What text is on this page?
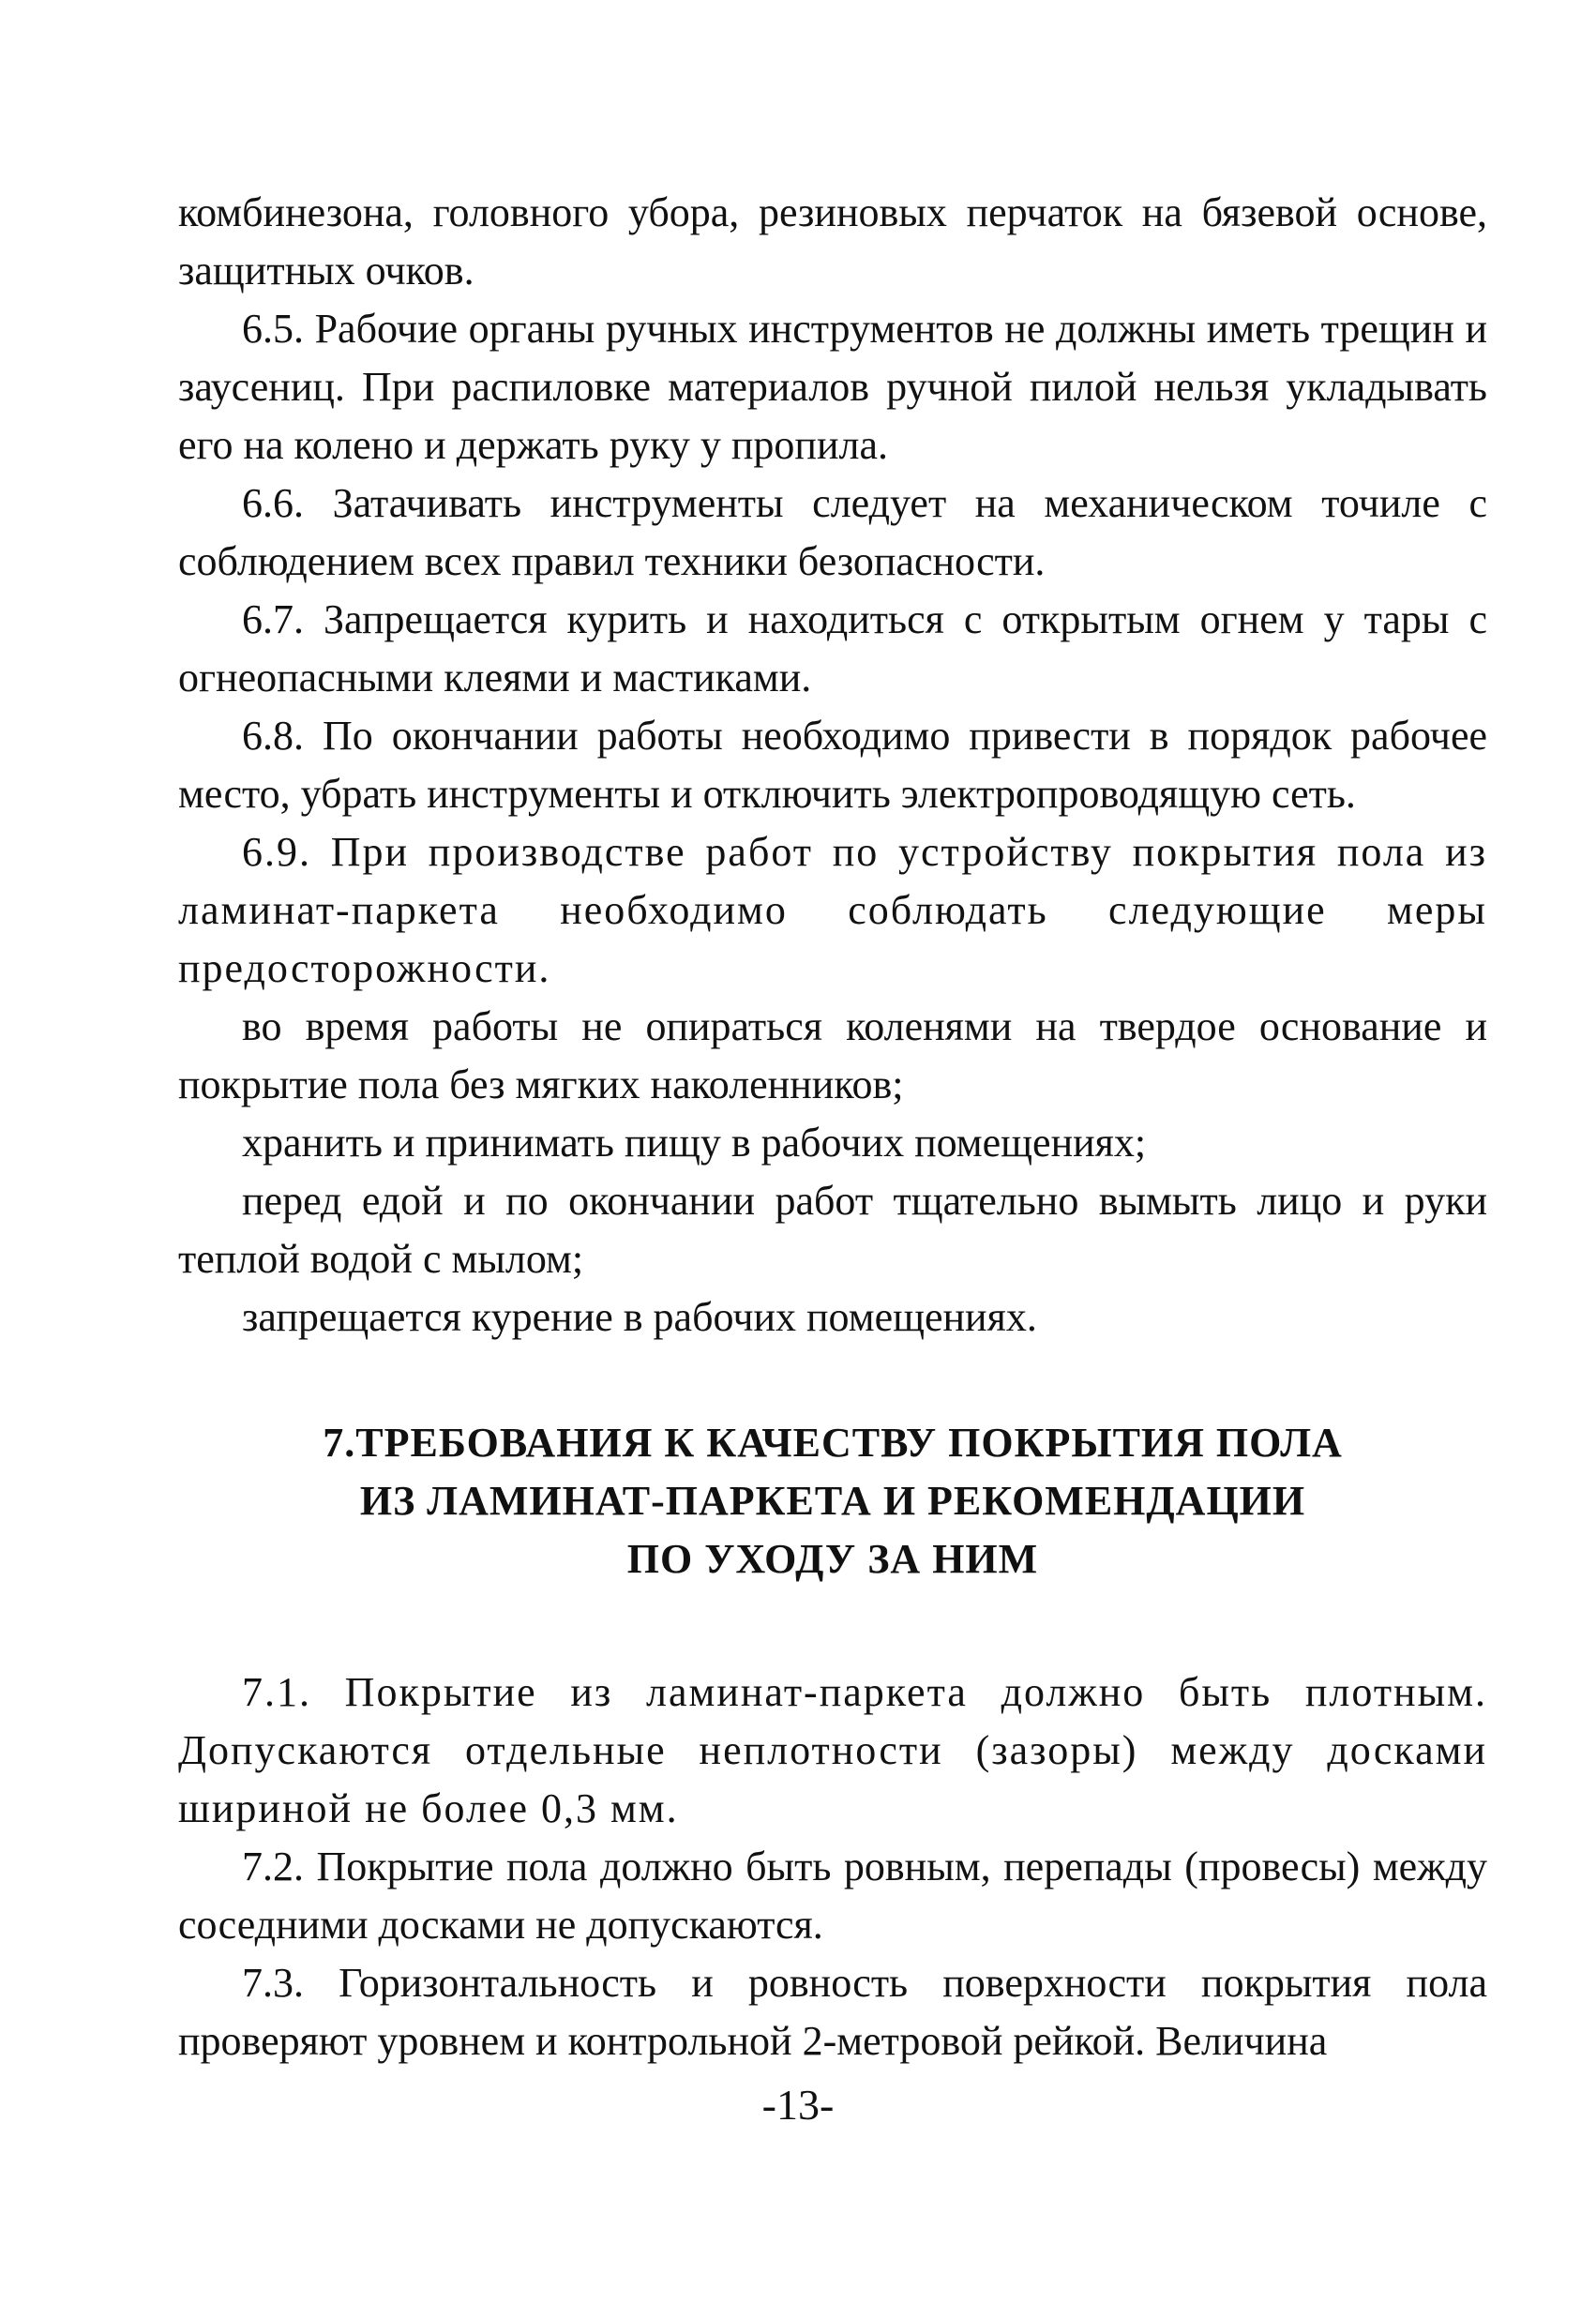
комбинезона, головного убора, резиновых перчаток на бязевой основе, защитных очков.

6.5. Рабочие органы ручных инструментов не должны иметь трещин и заусениц. При распиловке материалов ручной пилой нельзя укладывать его на колено и держать руку у пропила.

6.6. Затачивать инструменты следует на механическом точиле с соблюдением всех правил техники безопасности.

6.7. Запрещается курить и находиться с открытым огнем у тары с огнеопасными клеями и мастиками.

6.8. По окончании работы необходимо привести в порядок рабочее место, убрать инструменты и отключить электропроводящую сеть.

6.9. При производстве работ по устройству покрытия пола из ламинат-паркета необходимо соблюдать следующие меры предосторожности.

во время работы не опираться коленями на твердое основание и покрытие пола без мягких наколенников;

хранить и принимать пищу в рабочих помещениях;

перед едой и по окончании работ тщательно вымыть лицо и руки теплой водой с мылом;

запрещается курение в рабочих помещениях.

7.ТРЕБОВАНИЯ К КАЧЕСТВУ ПОКРЫТИЯ ПОЛА
ИЗ ЛАМИНАТ-ПАРКЕТА И РЕКОМЕНДАЦИИ
ПО УХОДУ ЗА НИМ

7.1. Покрытие из ламинат-паркета должно быть плотным. Допускаются отдельные неплотности (зазоры) между досками шириной не более 0,3 мм.

7.2. Покрытие пола должно быть ровным, перепады (провесы) между соседними досками не допускаются.

7.3. Горизонтальность и ровность поверхности покрытия пола проверяют уровнем и контрольной 2-метровой рейкой. Величина

-13-
